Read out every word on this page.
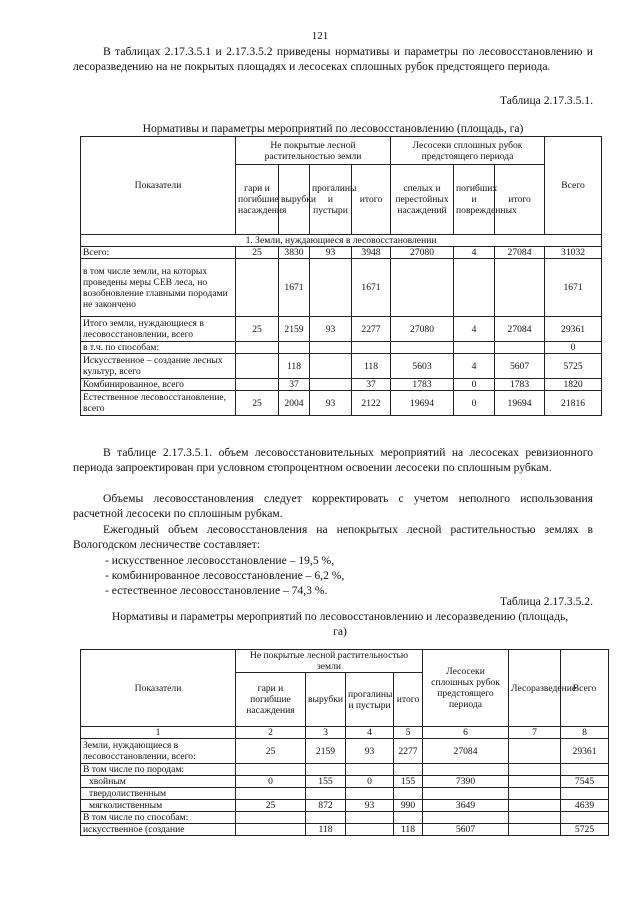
121

В таблицах 2.17.3.5.1 и 2.17.3.5.2 приведены нормативы и параметры по лесовосстановлению и лесоразведению на не покрытых площадях и лесосеках сплошных рубок предстоящего периода.

Таблица 2.17.3.5.1.
Нормативы и параметры мероприятий по лесовосстановлению (площадь, га)
Показатели	Не покрытые лесной растительностью земли				Лесосеки сплошных рубок предстоящего периода			Всего
	гари и погибшие насаждения	вырубки	прогалины и пустыри	итого	спелых и перестойных насаждений	погибших и поврежденных	итого	
1. Земли, нуждающиеся в лесовосстановлении								
Всего:	25	3830	93	3948	27080	4	27084	31032
в том числе земли, на которых проведены меры СЕВ леса, но возобновление главными породами не закончено		1671		1671				1671
Итого земли, нуждающиеся в лесовосстановлении, всего	25	2159	93	2277	27080	4	27084	29361
в т.ч. по способам:								0
Искусственное – создание лесных культур, всего		118		118	5603	4	5607	5725
Комбинированное, всего		37		37	1783	0	1783	1820
Естественное лесовосстановление, всего	25	2004	93	2122	19694	0	19694	21816

В таблице 2.17.3.5.1. объем лесовосстановительных мероприятий на лесосеках ревизионного периода запроектирован при условном стопроцентном освоении лесосеки по сплошным рубкам.

Объемы лесовосстановления следует корректировать с учетом неполного использования расчетной лесосеки по сплошным рубкам.

Ежегодный объем лесовосстановления на непокрытых лесной растительностью землях в Вологодском лесничестве составляет:

- искусственное лесовосстановление – 19,5 %,
- комбинированное лесовосстановление – 6,2 %,
- естественное лесовосстановление – 74,3 %.
Таблица 2.17.3.5.2.
Нормативы и параметры мероприятий по лесовосстановлению и лесоразведению (площадь,
га)
Показатели	Не покрытые лесной растительностью земли				Лесосеки сплошных рубок предстоящего периода	Лесоразведение	Всего
	гари и погибшие насаждения	вырубки	прогалины и пустыри	итого			
1	2	3	4	5	6	7	8
Земли, нуждающиеся в лесовосстановлении, всего:	25	2159	93	2277	27084		29361
В том числе по породам:							
хвойным	0	155	0	155	7390		7545
твердолиственным							
мягколиственным	25	872	93	990	3649		4639
В том числе по способам:							
искусственное (создание		118		118	5607		5725
